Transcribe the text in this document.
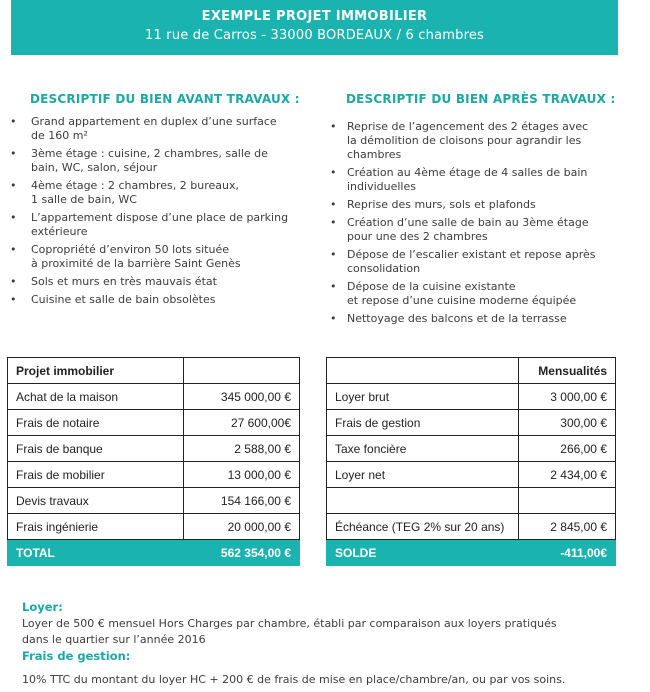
EXEMPLE PROJET IMMOBILIER
11 rue de Carros - 33000 BORDEAUX / 6 chambres
DESCRIPTIF DU BIEN AVANT TRAVAUX :
• Grand appartement en duplex d’une surface
de 160 m²
• 3ème étage : cuisine, 2 chambres, salle de
bain, WC, salon, séjour
• 4ème étage : 2 chambres, 2 bureaux,
1 salle de bain, WC
• L’appartement dispose d’une place de parking
extérieure
• Copropriété d’environ 50 lots située
à proximité de la barrière Saint Genès
• Sols et murs en très mauvais état
• Cuisine et salle de bain obsolètes
DESCRIPTIF DU BIEN APRÈS TRAVAUX :
• Reprise de l’agencement des 2 étages avec
la démolition de cloisons pour agrandir les
chambres
• Création au 4ème étage de 4 salles de bain
individuelles
• Reprise des murs, sols et plafonds
• Création d’une salle de bain au 3ème étage
pour une des 2 chambres
• Dépose de l’escalier existant et repose après
consolidation
• Dépose de la cuisine existante
et repose d’une cuisine moderne équipée
• Nettoyage des balcons et de la terrasse
Projet immobilier	
Achat de la maison	345 000,00 €
Frais de notaire	27 600,00€
Frais de banque	2 588,00 €
Frais de mobilier	13 000,00 €
Devis travaux	154 166,00 €
Frais ingénierie	20 000,00 €
TOTAL	562 354,00 €
	Mensualités
Loyer brut	3 000,00 €
Frais de gestion	300,00 €
Taxe foncière	266,00 €
Loyer net	2 434,00 €

Échéance (TEG 2% sur 20 ans)	2 845,00 €
SOLDE	-411,00€
Loyer:
Loyer de 500 € mensuel Hors Charges par chambre, établi par comparaison aux loyers pratiqués
dans le quartier sur l’année 2016
Frais de gestion:
10% TTC du montant du loyer HC + 200 € de frais de mise en place/chambre/an, ou par vos soins.
